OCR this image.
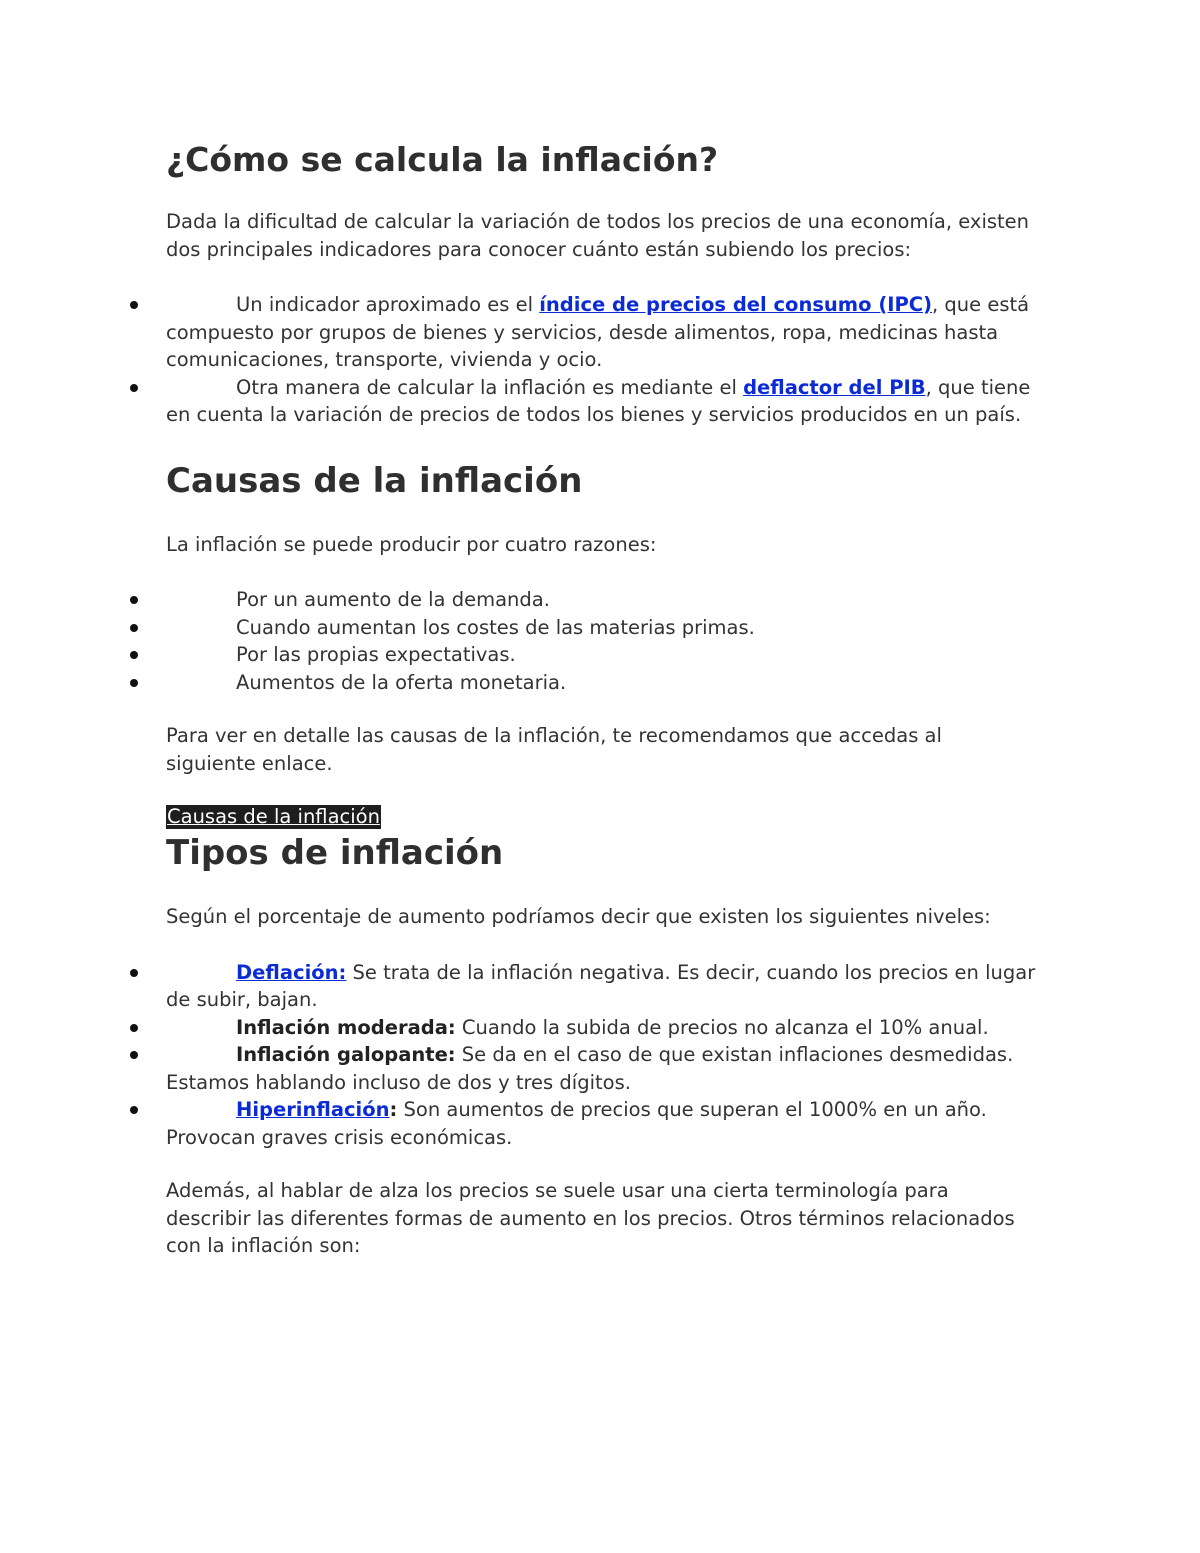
¿Cómo se calcula la inflación?

Dada la dificultad de calcular la variación de todos los precios de una economía, existen dos principales indicadores para conocer cuánto están subiendo los precios:

Un indicador aproximado es el índice de precios del consumo (IPC), que está compuesto por grupos de bienes y servicios, desde alimentos, ropa, medicinas hasta comunicaciones, transporte, vivienda y ocio.
Otra manera de calcular la inflación es mediante el deflactor del PIB, que tiene en cuenta la variación de precios de todos los bienes y servicios producidos en un país.
Causas de la inflación

La inflación se puede producir por cuatro razones:

Por un aumento de la demanda.
Cuando aumentan los costes de las materias primas.
Por las propias expectativas.
Aumentos de la oferta monetaria.

Para ver en detalle las causas de la inflación, te recomendamos que accedas al siguiente enlace.

Causas de la inflación
Tipos de inflación

Según el porcentaje de aumento podríamos decir que existen los siguientes niveles:

Deflación: Se trata de la inflación negativa. Es decir, cuando los precios en lugar de subir, bajan.
Inflación moderada: Cuando la subida de precios no alcanza el 10% anual.
Inflación galopante: Se da en el caso de que existan inflaciones desmedidas. Estamos hablando incluso de dos y tres dígitos.
Hiperinflación: Son aumentos de precios que superan el 1000% en un año. Provocan graves crisis económicas.

Además, al hablar de alza los precios se suele usar una cierta terminología para describir las diferentes formas de aumento en los precios. Otros términos relacionados con la inflación son:
